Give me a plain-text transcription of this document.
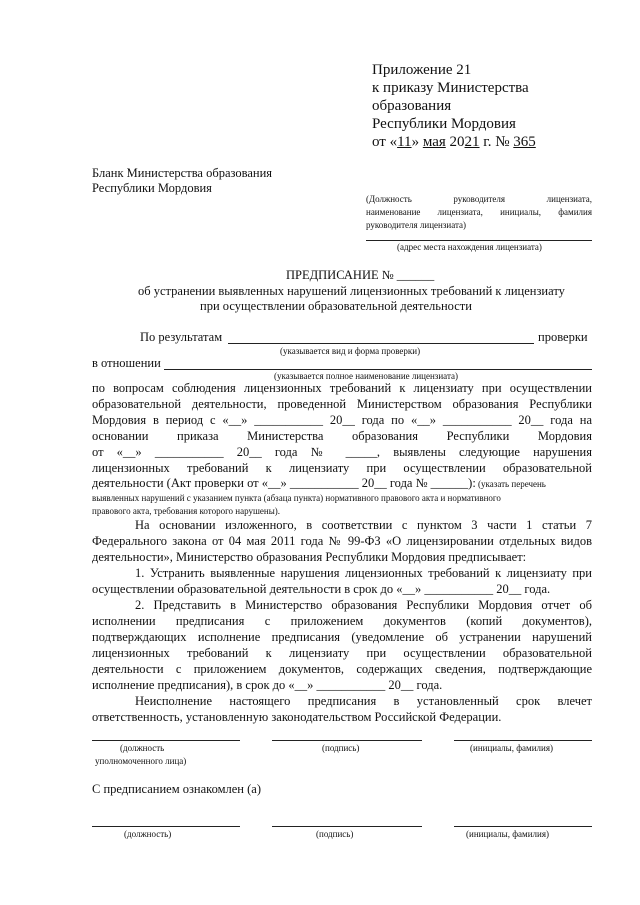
Приложение 21
к приказу Министерства
образования
Республики Мордовия
от «11» мая 2021 г. № 365
Бланк Министерства образования
Республики Мордовия
(Должность руководителя лицензиата,
наименование лицензиата, инициалы, фамилия
руководителя лицензиата)
(адрес места нахождения лицензиата)
ПРЕДПИСАНИЕ № ______
об устранении выявленных нарушений лицензионных требований к лицензиату
при осуществлении образовательной деятельности
По результатам	проверки
(указывается вид и форма проверки)
в отношении
(указывается полное наименование лицензиата)
по вопросам соблюдения лицензионных требований к лицензиату при осуществлении
образовательной деятельности, проведенной Министерством образования Республики
Мордовия в период с «__» ___________ 20__ года по «__» ___________ 20__ года на
основании приказа Министерства образования Республики Мордовия
от «__» ___________ 20__ года № _____, выявлены следующие нарушения
лицензионных требований к лицензиату при осуществлении образовательной
деятельности (Акт проверки от «__» ___________ 20__ года № ______): (указать перечень
выявленных нарушений с указанием пункта (абзаца пункта) нормативного правового акта и нормативного
правового акта, требования которого нарушены).
На основании изложенного, в соответствии с пунктом 3 части 1 статьи 7
Федерального закона от 04 мая 2011 года № 99-ФЗ «О лицензировании отдельных видов
деятельности», Министерство образования Республики Мордовия предписывает:
1. Устранить выявленные нарушения лицензионных требований к лицензиату при
осуществлении образовательной деятельности в срок до «__» ___________ 20__ года.
2. Представить в Министерство образования Республики Мордовия отчет об
исполнении предписания с приложением документов (копий документов),
подтверждающих исполнение предписания (уведомление об устранении нарушений
лицензионных требований к лицензиату при осуществлении образовательной
деятельности с приложением документов, содержащих сведения, подтверждающие
исполнение предписания), в срок до «__» ___________ 20__ года.
Неисполнение настоящего предписания в установленный срок влечет
ответственность, установленную законодательством Российской Федерации.
(должность
уполномоченного лица)
(подпись)	(инициалы, фамилия)
С предписанием ознакомлен (а)
(должность)	(подпись)	(инициалы, фамилия)
